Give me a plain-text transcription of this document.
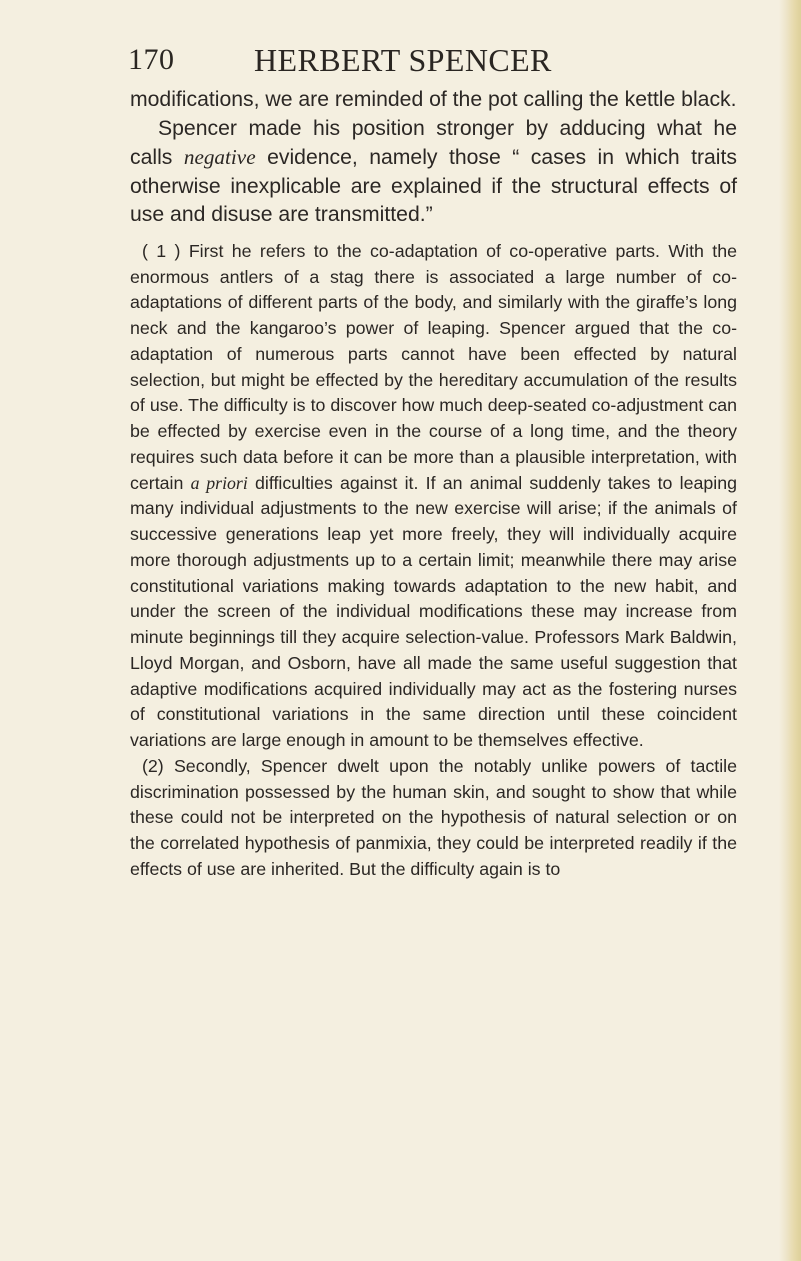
170 HERBERT SPENCER

modifications, we are reminded of the pot calling the kettle black.

Spencer made his position stronger by adducing what he calls negative evidence, namely those “ cases in which traits otherwise inexplicable are explained if the structural effects of use and disuse are transmitted.”

( 1 ) First he refers to the co-adaptation of co-operative parts. With the enormous antlers of a stag there is associated a large number of co-adaptations of different parts of the body, and similarly with the giraffe’s long neck and the kangaroo’s power of leaping. Spencer argued that the co-adaptation of numerous parts cannot have been effected by natural selection, but might be effected by the hereditary accumulation of the results of use. The difficulty is to discover how much deep-seated co-adjustment can be effected by exercise even in the course of a long time, and the theory requires such data before it can be more than a plausible interpretation, with certain a priori difficulties against it. If an animal suddenly takes to leaping many individual adjustments to the new exercise will arise; if the animals of successive generations leap yet more freely, they will individually acquire more thorough adjustments up to a certain limit; meanwhile there may arise constitutional variations making towards adaptation to the new habit, and under the screen of the individual modifications these may increase from minute beginnings till they acquire selection-value. Professors Mark Baldwin, Lloyd Morgan, and Osborn, have all made the same useful suggestion that adaptive modifications acquired individually may act as the fostering nurses of constitutional variations in the same direction until these coincident variations are large enough in amount to be themselves effective.

(2) Secondly, Spencer dwelt upon the notably unlike powers of tactile discrimination possessed by the human skin, and sought to show that while these could not be interpreted on the hypothesis of natural selection or on the correlated hypothesis of panmixia, they could be interpreted readily if the effects of use are inherited. But the difficulty again is to
